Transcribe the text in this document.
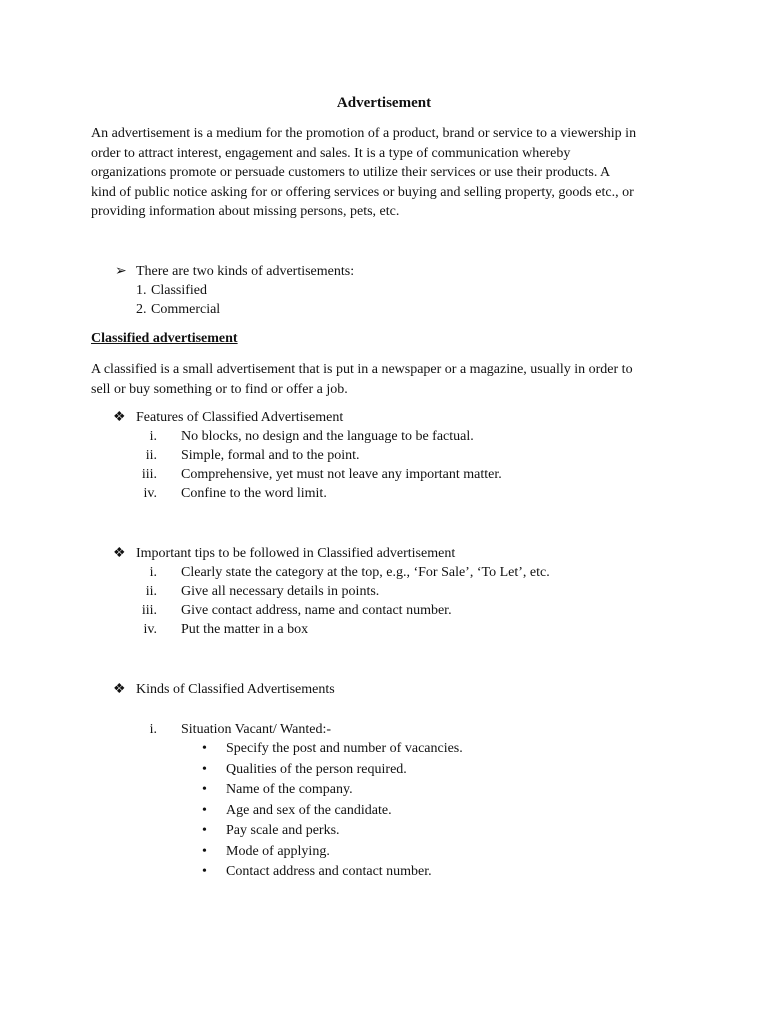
Advertisement
An advertisement is a medium for the promotion of a product, brand or service to a viewership in
order to attract interest, engagement and sales. It is a type of communication whereby
organizations promote or persuade customers to utilize their services or use their products. A
kind of public notice asking for or offering services or buying and selling property, goods etc., or
providing information about missing persons, pets, etc.
➢ There are two kinds of advertisements:
1. Classified
2. Commercial
Classified advertisement
A classified is a small advertisement that is put in a newspaper or a magazine, usually in order to
sell or buy something or to find or offer a job.
❖ Features of Classified Advertisement
i. No blocks, no design and the language to be factual.
ii. Simple, formal and to the point.
iii. Comprehensive, yet must not leave any important matter.
iv. Confine to the word limit.
❖ Important tips to be followed in Classified advertisement
i. Clearly state the category at the top, e.g., ‘For Sale’, ‘To Let’, etc.
ii. Give all necessary details in points.
iii. Give contact address, name and contact number.
iv. Put the matter in a box
❖ Kinds of Classified Advertisements
i. Situation Vacant/ Wanted:-
• Specify the post and number of vacancies.
• Qualities of the person required.
• Name of the company.
• Age and sex of the candidate.
• Pay scale and perks.
• Mode of applying.
• Contact address and contact number.
